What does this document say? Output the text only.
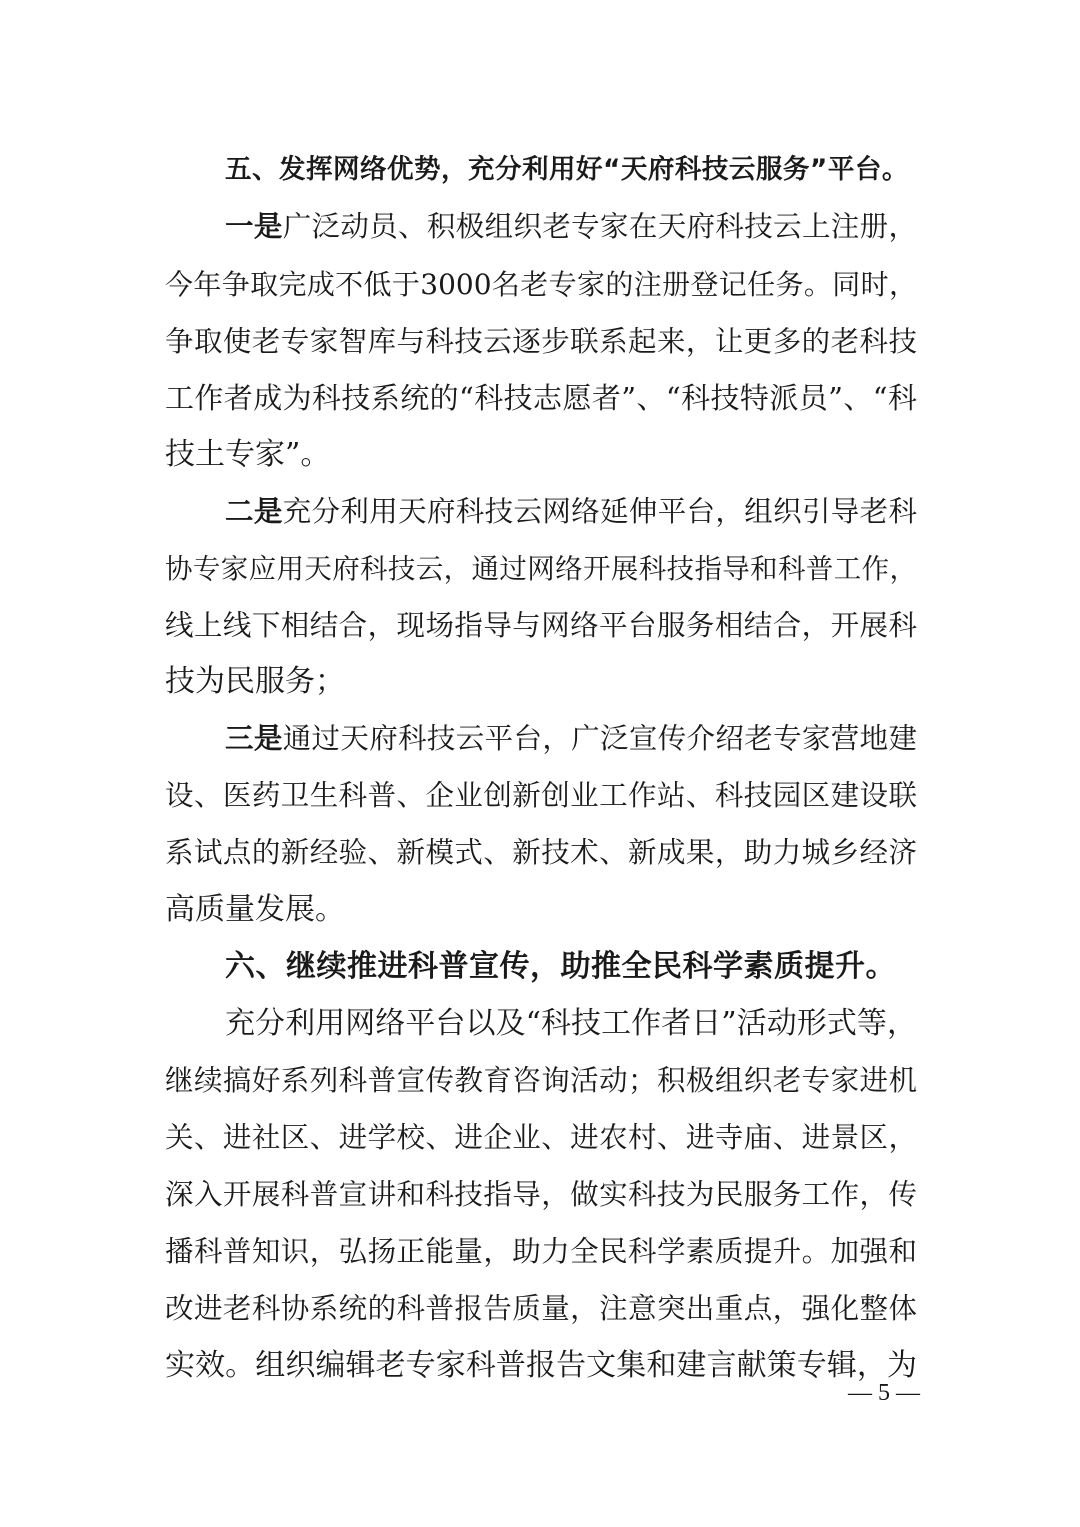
五、发挥网络优势，充分利用好“天府科技云服务”平台。
一是广泛动员、积极组织老专家在天府科技云上注册，
今年争取完成不低于3000名老专家的注册登记任务。同时，
争取使老专家智库与科技云逐步联系起来，让更多的老科技
工作者成为科技系统的“科技志愿者”、“科技特派员”、“科
技土专家”。
二是充分利用天府科技云网络延伸平台，组织引导老科
协专家应用天府科技云，通过网络开展科技指导和科普工作，
线上线下相结合，现场指导与网络平台服务相结合，开展科
技为民服务；
三是通过天府科技云平台，广泛宣传介绍老专家营地建
设、医药卫生科普、企业创新创业工作站、科技园区建设联
系试点的新经验、新模式、新技术、新成果，助力城乡经济
高质量发展。
六、继续推进科普宣传，助推全民科学素质提升。
充分利用网络平台以及“科技工作者日”活动形式等，
继续搞好系列科普宣传教育咨询活动；积极组织老专家进机
关、进社区、进学校、进企业、进农村、进寺庙、进景区，
深入开展科普宣讲和科技指导，做实科技为民服务工作，传
播科普知识，弘扬正能量，助力全民科学素质提升。加强和
改进老科协系统的科普报告质量，注意突出重点，强化整体
实效。组织编辑老专家科普报告文集和建言献策专辑，为
— 5 —
